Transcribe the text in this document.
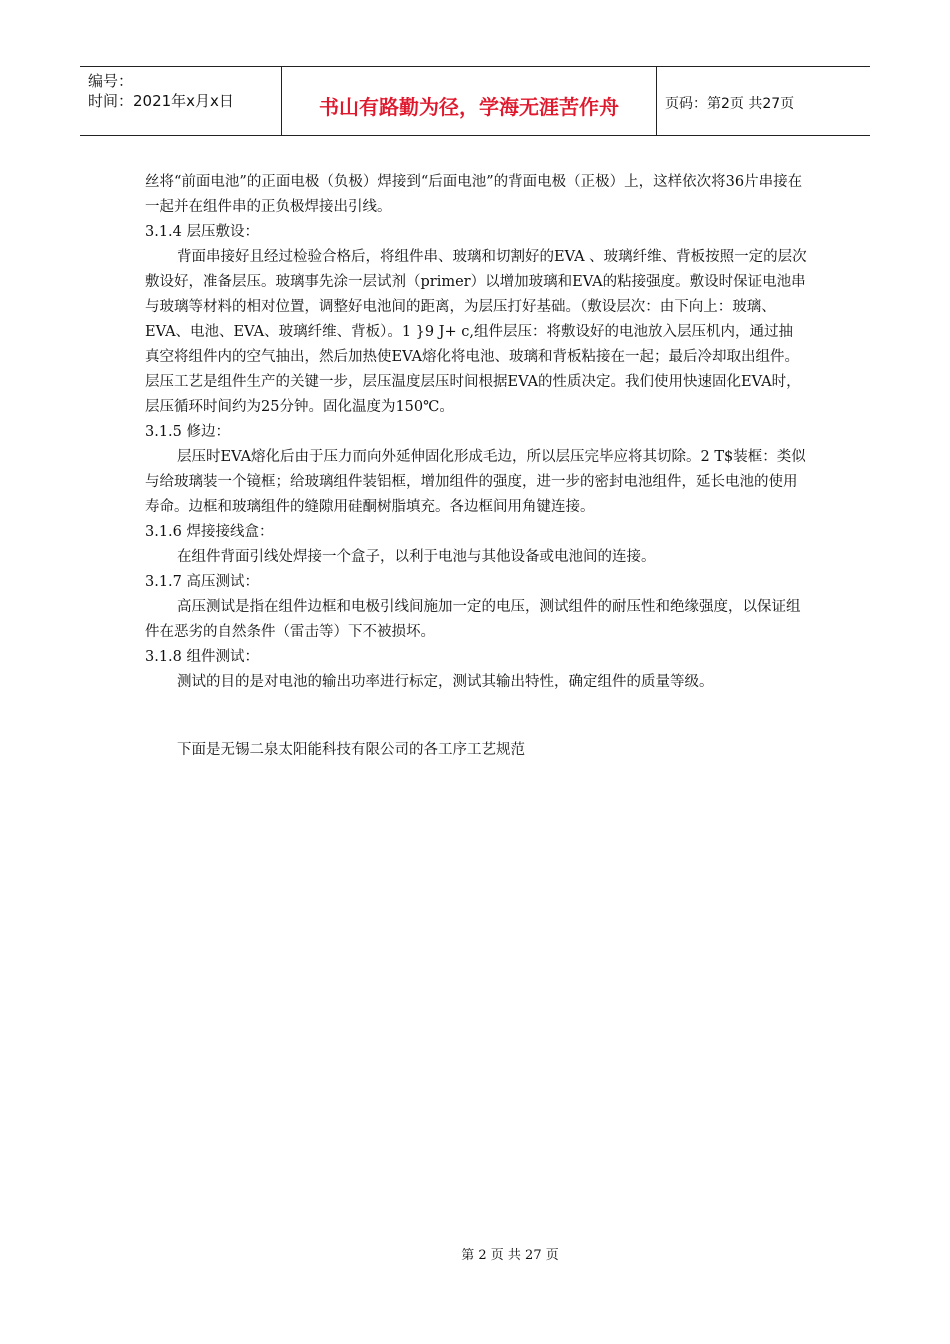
编号：
时间：2021年x月x日	书山有路勤为径，学海无涯苦作舟	页码：第2页 共27页

丝将“前面电池”的正面电极（负极）焊接到“后面电池”的背面电极（正极）上，这样依次将36片串接在一起并在组件串的正负极焊接出引线。

3.1.4 层压敷设：

背面串接好且经过检验合格后，将组件串、玻璃和切割好的EVA 、玻璃纤维、背板按照一定的层次敷设好，准备层压。玻璃事先涂一层试剂（primer）以增加玻璃和EVA的粘接强度。敷设时保证电池串与玻璃等材料的相对位置，调整好电池间的距离，为层压打好基础。（敷设层次：由下向上：玻璃、EVA、电池、EVA、玻璃纤维、背板）。1 }9 J+ c,组件层压：将敷设好的电池放入层压机内，通过抽真空将组件内的空气抽出，然后加热使EVA熔化将电池、玻璃和背板粘接在一起；最后冷却取出组件。层压工艺是组件生产的关键一步，层压温度层压时间根据EVA的性质决定。我们使用快速固化EVA时，层压循环时间约为25分钟。固化温度为150℃。

3.1.5 修边：

层压时EVA熔化后由于压力而向外延伸固化形成毛边，所以层压完毕应将其切除。2 T$装框：类似与给玻璃装一个镜框；给玻璃组件装铝框，增加组件的强度，进一步的密封电池组件，延长电池的使用寿命。边框和玻璃组件的缝隙用硅酮树脂填充。各边框间用角键连接。

3.1.6 焊接接线盒：

在组件背面引线处焊接一个盒子，以利于电池与其他设备或电池间的连接。

3.1.7 高压测试：

高压测试是指在组件边框和电极引线间施加一定的电压，测试组件的耐压性和绝缘强度，以保证组件在恶劣的自然条件（雷击等）下不被损坏。

3.1.8 组件测试：

测试的目的是对电池的输出功率进行标定，测试其输出特性，确定组件的质量等级。

下面是无锡二泉太阳能科技有限公司的各工序工艺规范

第 2 页 共 27 页
